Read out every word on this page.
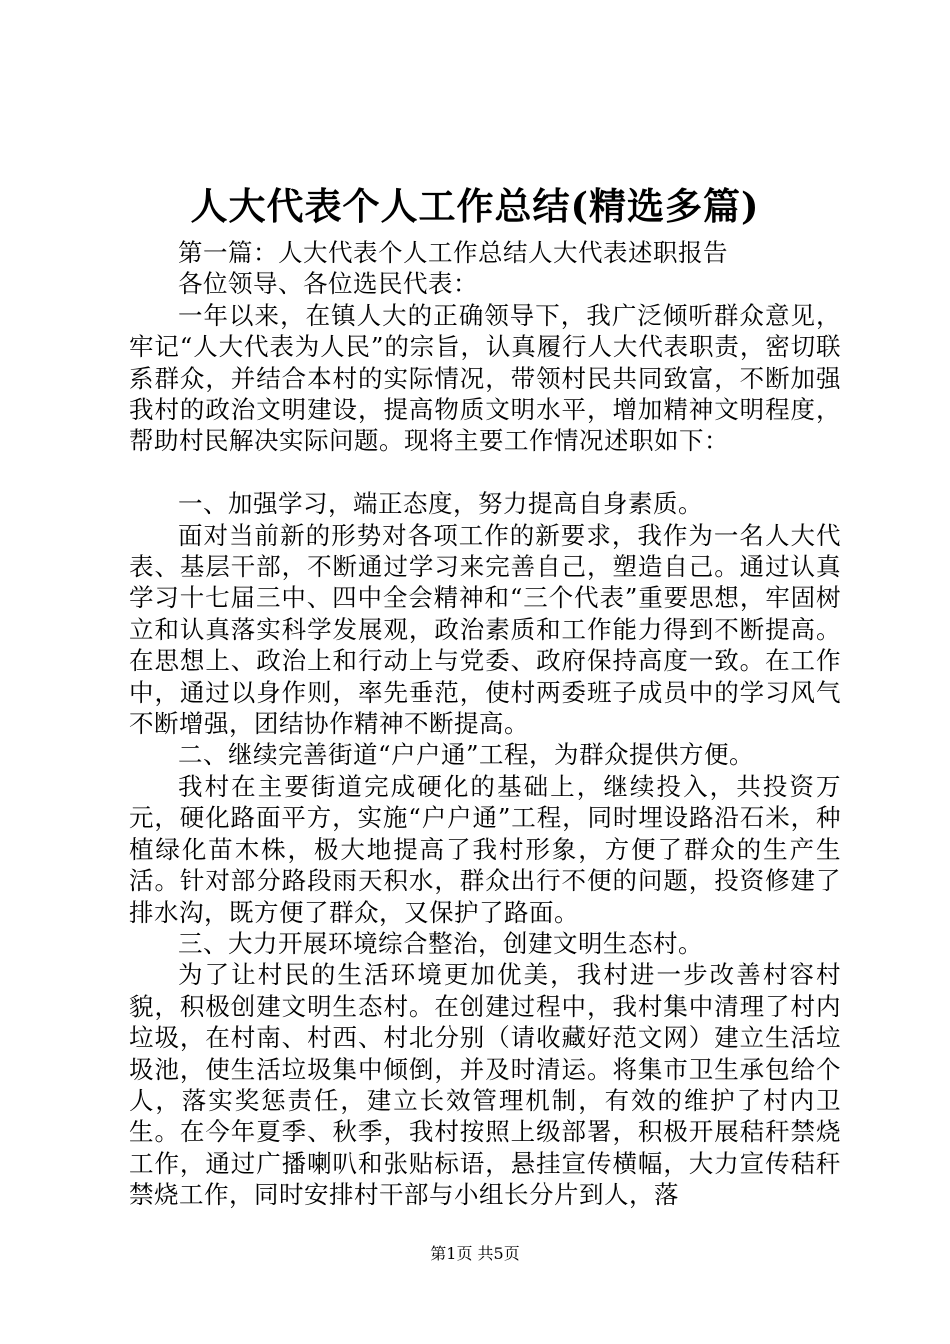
人大代表个人工作总结(精选多篇)

第一篇：人大代表个人工作总结人大代表述职报告

各位领导、各位选民代表：

一年以来，在镇人大的正确领导下，我广泛倾听群众意见，牢记“人大代表为人民”的宗旨，认真履行人大代表职责，密切联系群众，并结合本村的实际情况，带领村民共同致富，不断加强我村的政治文明建设，提高物质文明水平，增加精神文明程度，帮助村民解决实际问题。现将主要工作情况述职如下：

一、加强学习，端正态度，努力提高自身素质。

面对当前新的形势对各项工作的新要求，我作为一名人大代表、基层干部，不断通过学习来完善自己，塑造自己。通过认真学习十七届三中、四中全会精神和“三个代表”重要思想，牢固树立和认真落实科学发展观，政治素质和工作能力得到不断提高。在思想上、政治上和行动上与党委、政府保持高度一致。在工作中，通过以身作则，率先垂范，使村两委班子成员中的学习风气不断增强，团结协作精神不断提高。

二、继续完善街道“户户通”工程，为群众提供方便。

我村在主要街道完成硬化的基础上，继续投入，共投资万元，硬化路面平方，实施“户户通”工程，同时埋设路沿石米，种植绿化苗木株，极大地提高了我村形象，方便了群众的生产生活。针对部分路段雨天积水，群众出行不便的问题，投资修建了排水沟，既方便了群众，又保护了路面。

三、大力开展环境综合整治，创建文明生态村。

为了让村民的生活环境更加优美，我村进一步改善村容村貌，积极创建文明生态村。在创建过程中，我村集中清理了村内垃圾，在村南、村西、村北分别（请收藏好范文网）建立生活垃圾池，使生活垃圾集中倾倒，并及时清运。将集市卫生承包给个人，落实奖惩责任，建立长效管理机制，有效的维护了村内卫生。在今年夏季、秋季，我村按照上级部署，积极开展秸秆禁烧工作，通过广播喇叭和张贴标语，悬挂宣传横幅，大力宣传秸秆禁烧工作，同时安排村干部与小组长分片到人，落

第1页 共5页
